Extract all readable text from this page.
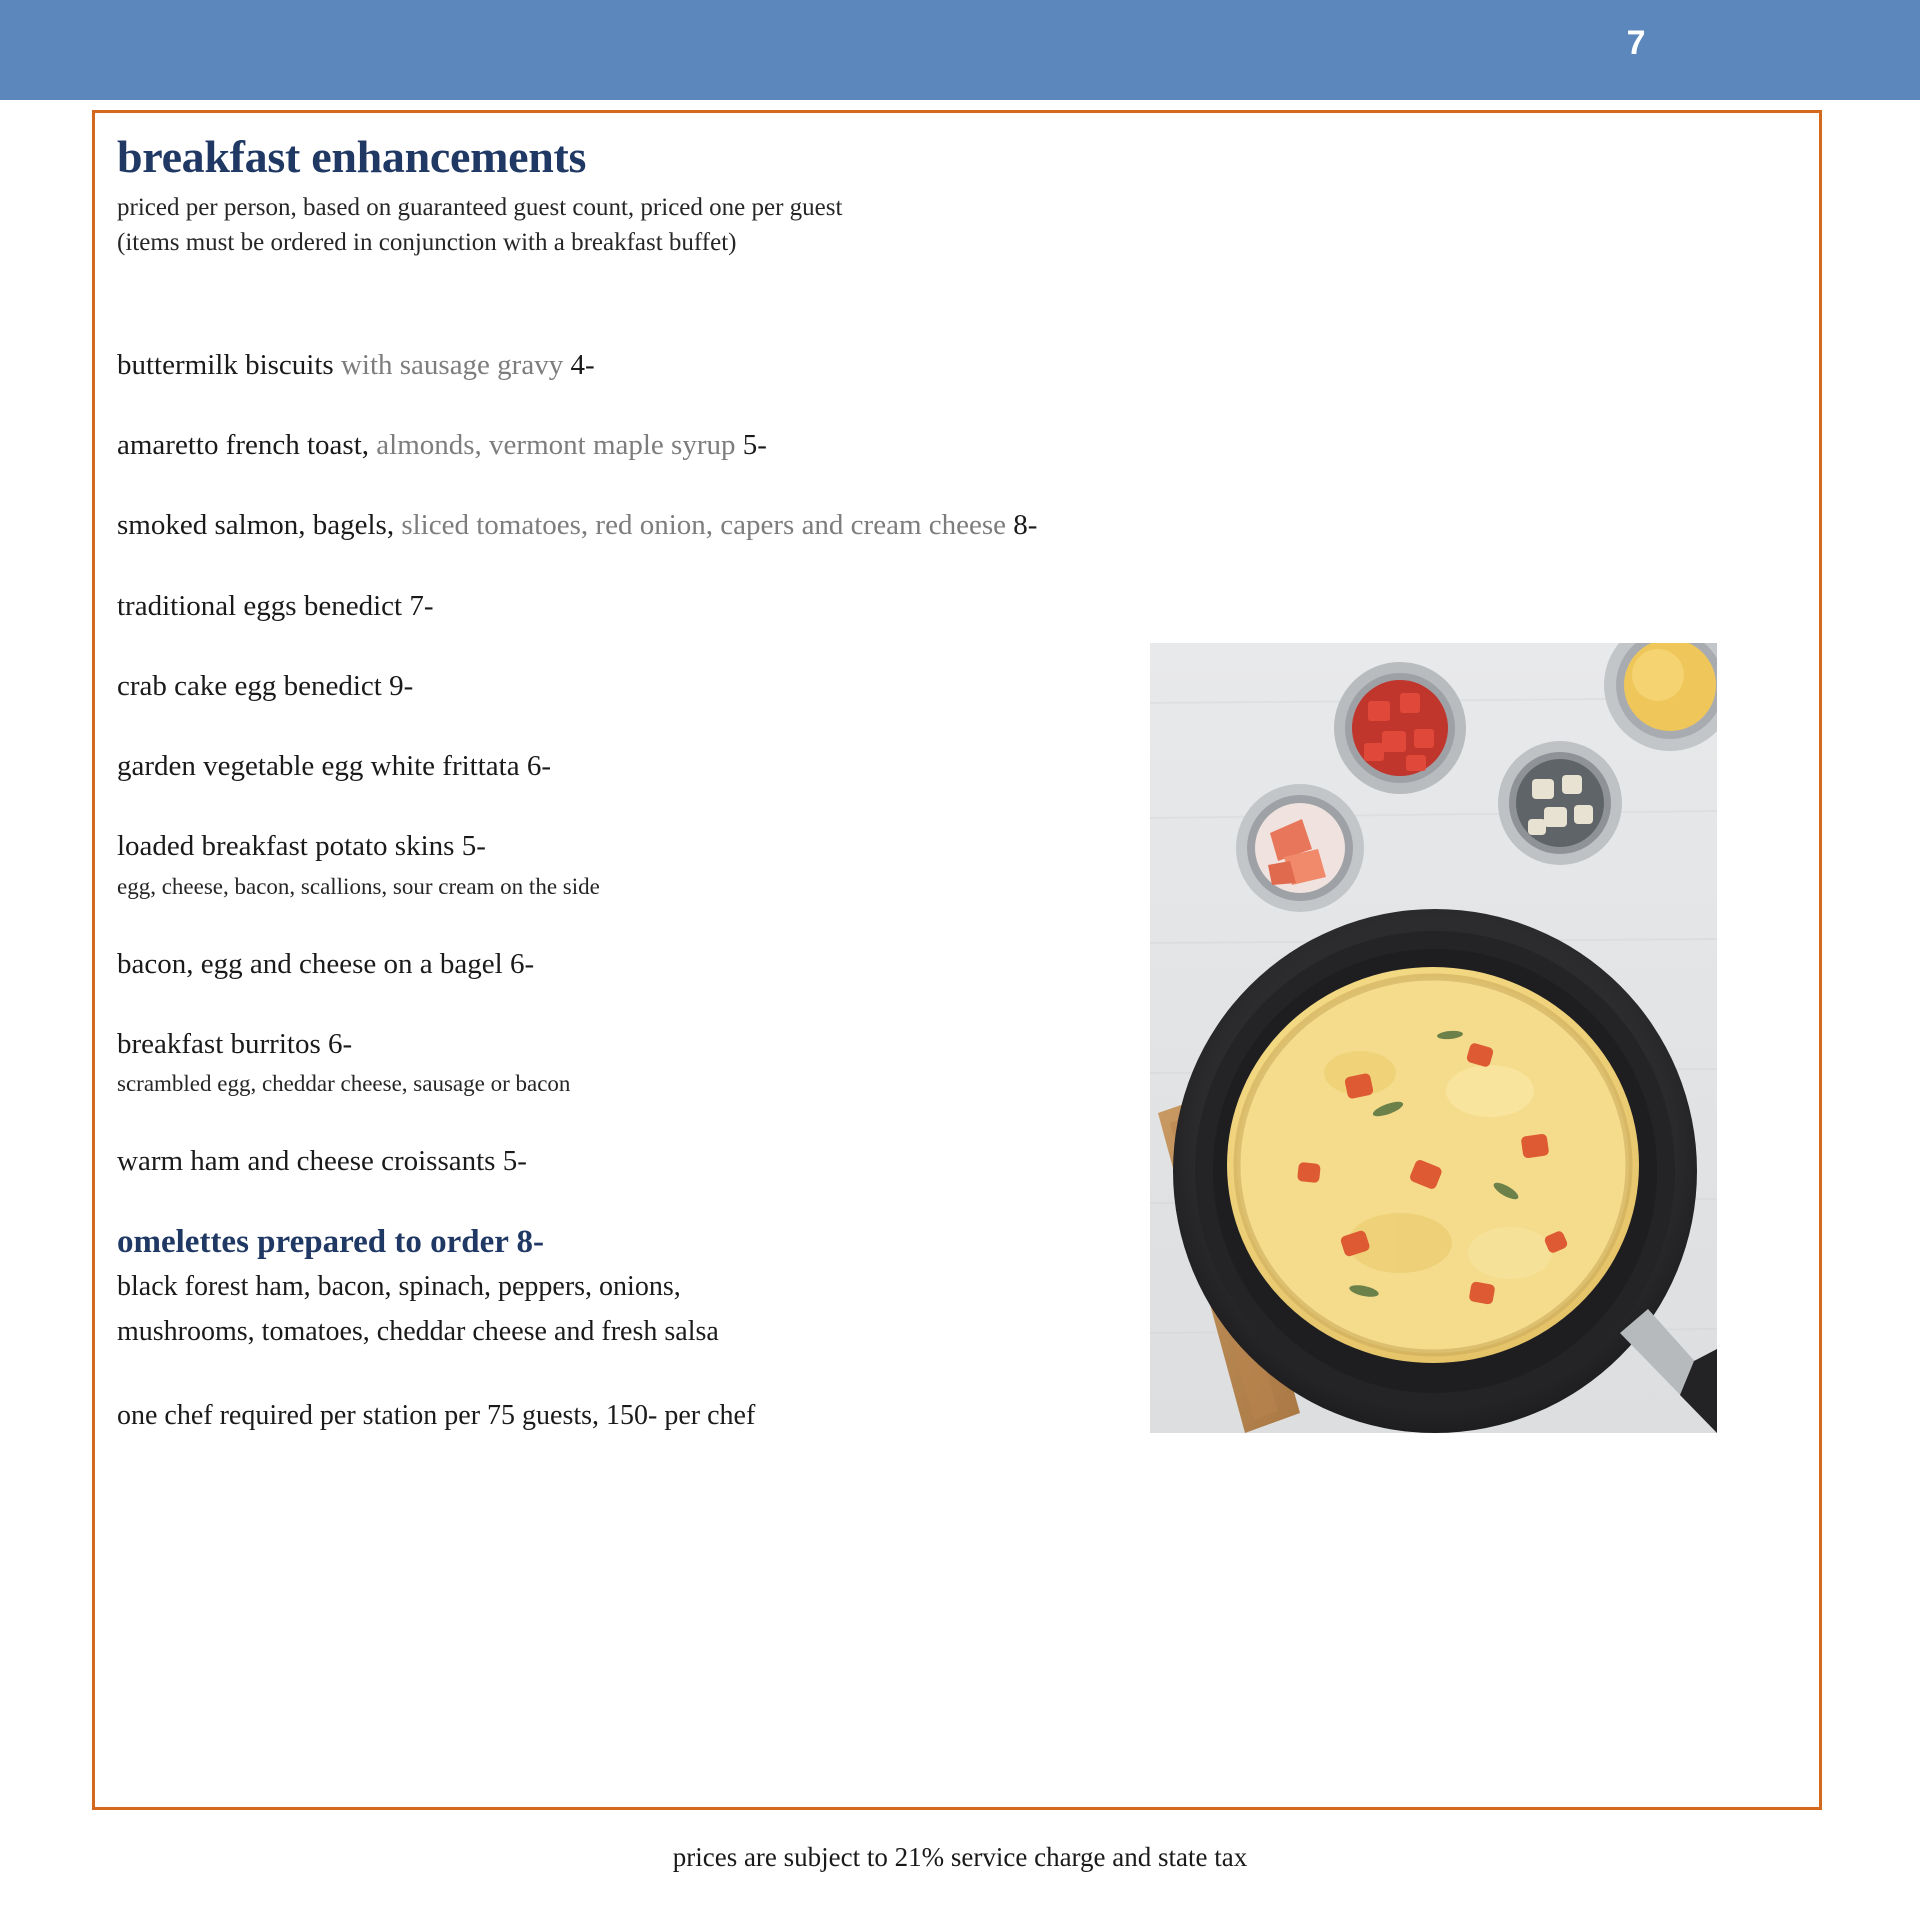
7
breakfast enhancements
priced per person, based on guaranteed guest count, priced one per guest
(items must be ordered in conjunction with a breakfast buffet)
buttermilk biscuits with sausage gravy 4-
amaretto french toast, almonds, vermont maple syrup 5-
smoked salmon, bagels, sliced tomatoes, red onion, capers and cream cheese 8-
traditional eggs benedict 7-
crab cake egg benedict 9-
garden vegetable egg white frittata 6-
loaded breakfast potato skins 5-
egg, cheese, bacon, scallions, sour cream on the side
bacon, egg and cheese on a bagel 6-
breakfast burritos 6-
scrambled egg, cheddar cheese, sausage or bacon
warm ham and cheese croissants 5-
omelettes prepared to order 8-
black forest ham, bacon, spinach, peppers, onions,
mushrooms, tomatoes, cheddar cheese and fresh salsa
one chef required per station per 75 guests, 150- per chef
prices are subject to 21% service charge and state tax
